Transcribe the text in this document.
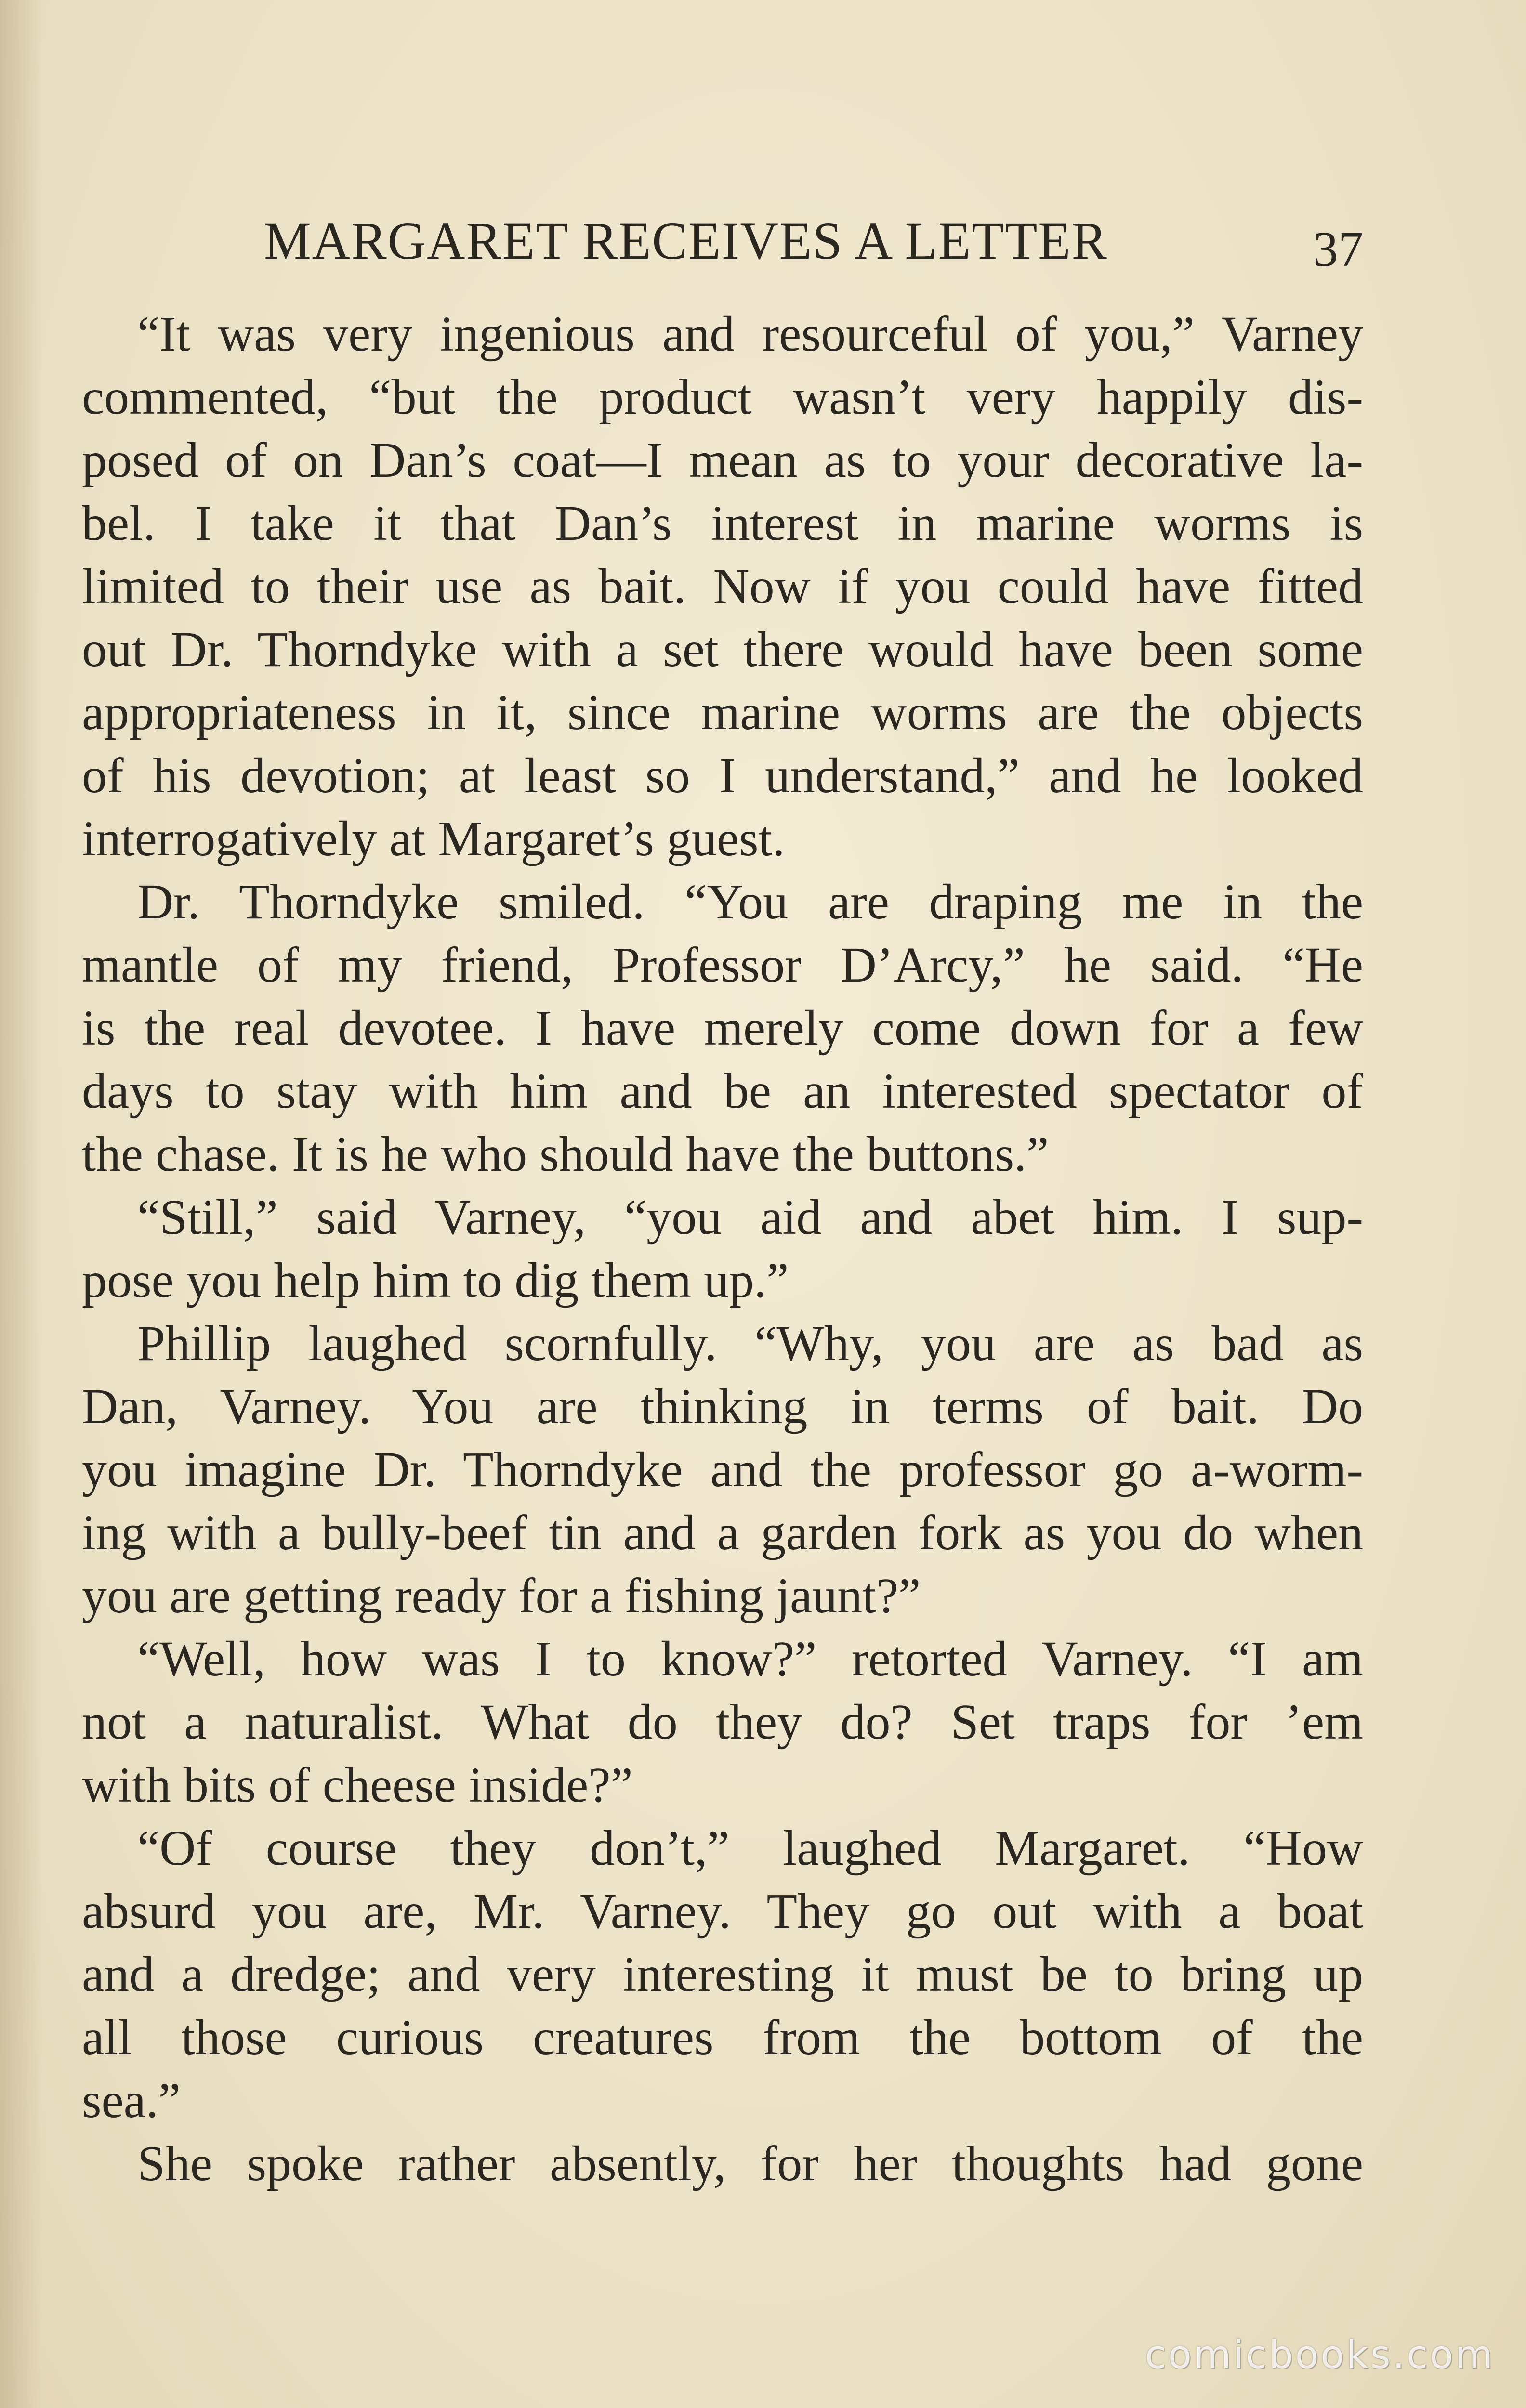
MARGARET RECEIVES A LETTER	37
“It was very ingenious and resourceful of you,” Varney
commented, “but the product wasn’t very happily dis-
posed of on Dan’s coat—I mean as to your decorative la-
bel. I take it that Dan’s interest in marine worms is
limited to their use as bait. Now if you could have fitted
out Dr. Thorndyke with a set there would have been some
appropriateness in it, since marine worms are the objects
of his devotion; at least so I understand,” and he looked
interrogatively at Margaret’s guest.
Dr. Thorndyke smiled. “You are draping me in the
mantle of my friend, Professor D’Arcy,” he said. “He
is the real devotee. I have merely come down for a few
days to stay with him and be an interested spectator of
the chase. It is he who should have the buttons.”
“Still,” said Varney, “you aid and abet him. I sup-
pose you help him to dig them up.”
Phillip laughed scornfully. “Why, you are as bad as
Dan, Varney. You are thinking in terms of bait. Do
you imagine Dr. Thorndyke and the professor go a-worm-
ing with a bully-beef tin and a garden fork as you do when
you are getting ready for a fishing jaunt?”
“Well, how was I to know?” retorted Varney. “I am
not a naturalist. What do they do? Set traps for ’em
with bits of cheese inside?”
“Of course they don’t,” laughed Margaret. “How
absurd you are, Mr. Varney. They go out with a boat
and a dredge; and very interesting it must be to bring up
all those curious creatures from the bottom of the
sea.”
She spoke rather absently, for her thoughts had gone
comicbooks.com
